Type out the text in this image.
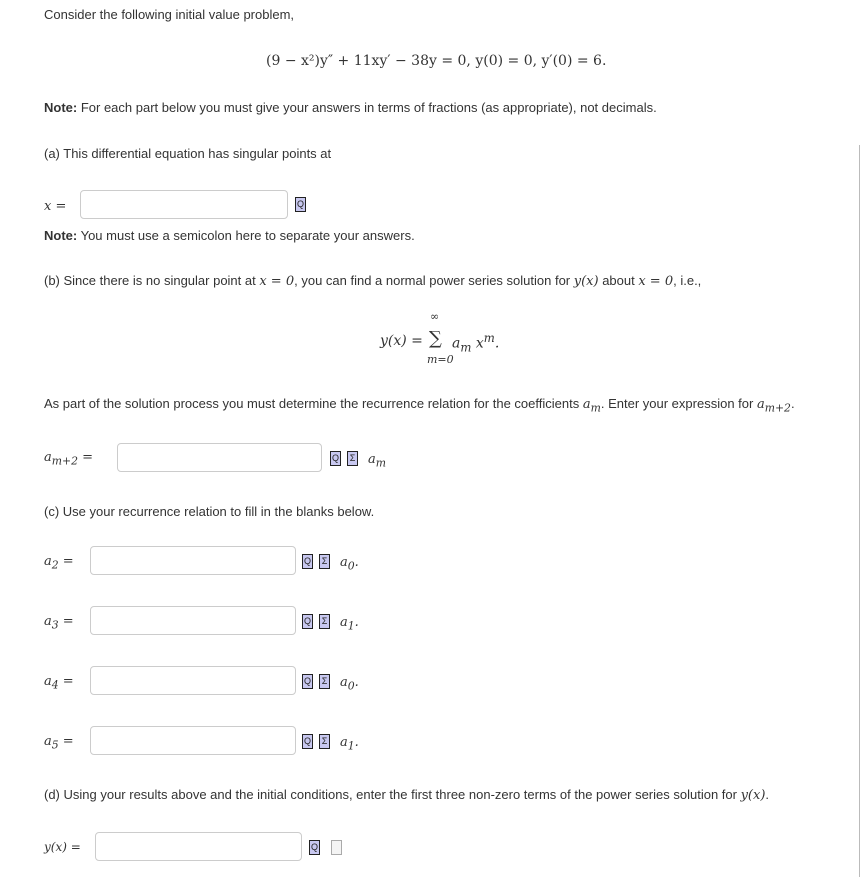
Consider the following initial value problem,
(9 − x²)y″ + 11xy′ − 38y = 0, y(0) = 0, y′(0) = 6.
Note: For each part below you must give your answers in terms of fractions (as appropriate), not decimals.
(a) This differential equation has singular points at
x =	Q
Note: You must use a semicolon here to separate your answers.
(b) Since there is no singular point at x = 0, you can find a normal power series solution for y(x) about x = 0, i.e.,
y(x) =
∞
∑
m=0
$a_m$ $x^m$.
As part of the solution process you must determine the recurrence relation for the coefficients $a_m$. Enter your expression for $a_{m+2}$.
$a_{m+2}$ =	Q	Σ $a_m$
(c) Use your recurrence relation to fill in the blanks below.
$a_2$ =	Q	Σ $a_0$.
$a_3$ =	Q	Σ $a_1$.
$a_4$ =	Q	Σ $a_0$.
$a_5$ =	Q	Σ $a_1$.
(d) Using your results above and the initial conditions, enter the first three non-zero terms of the power series solution for y(x).
y(x) =	Q
